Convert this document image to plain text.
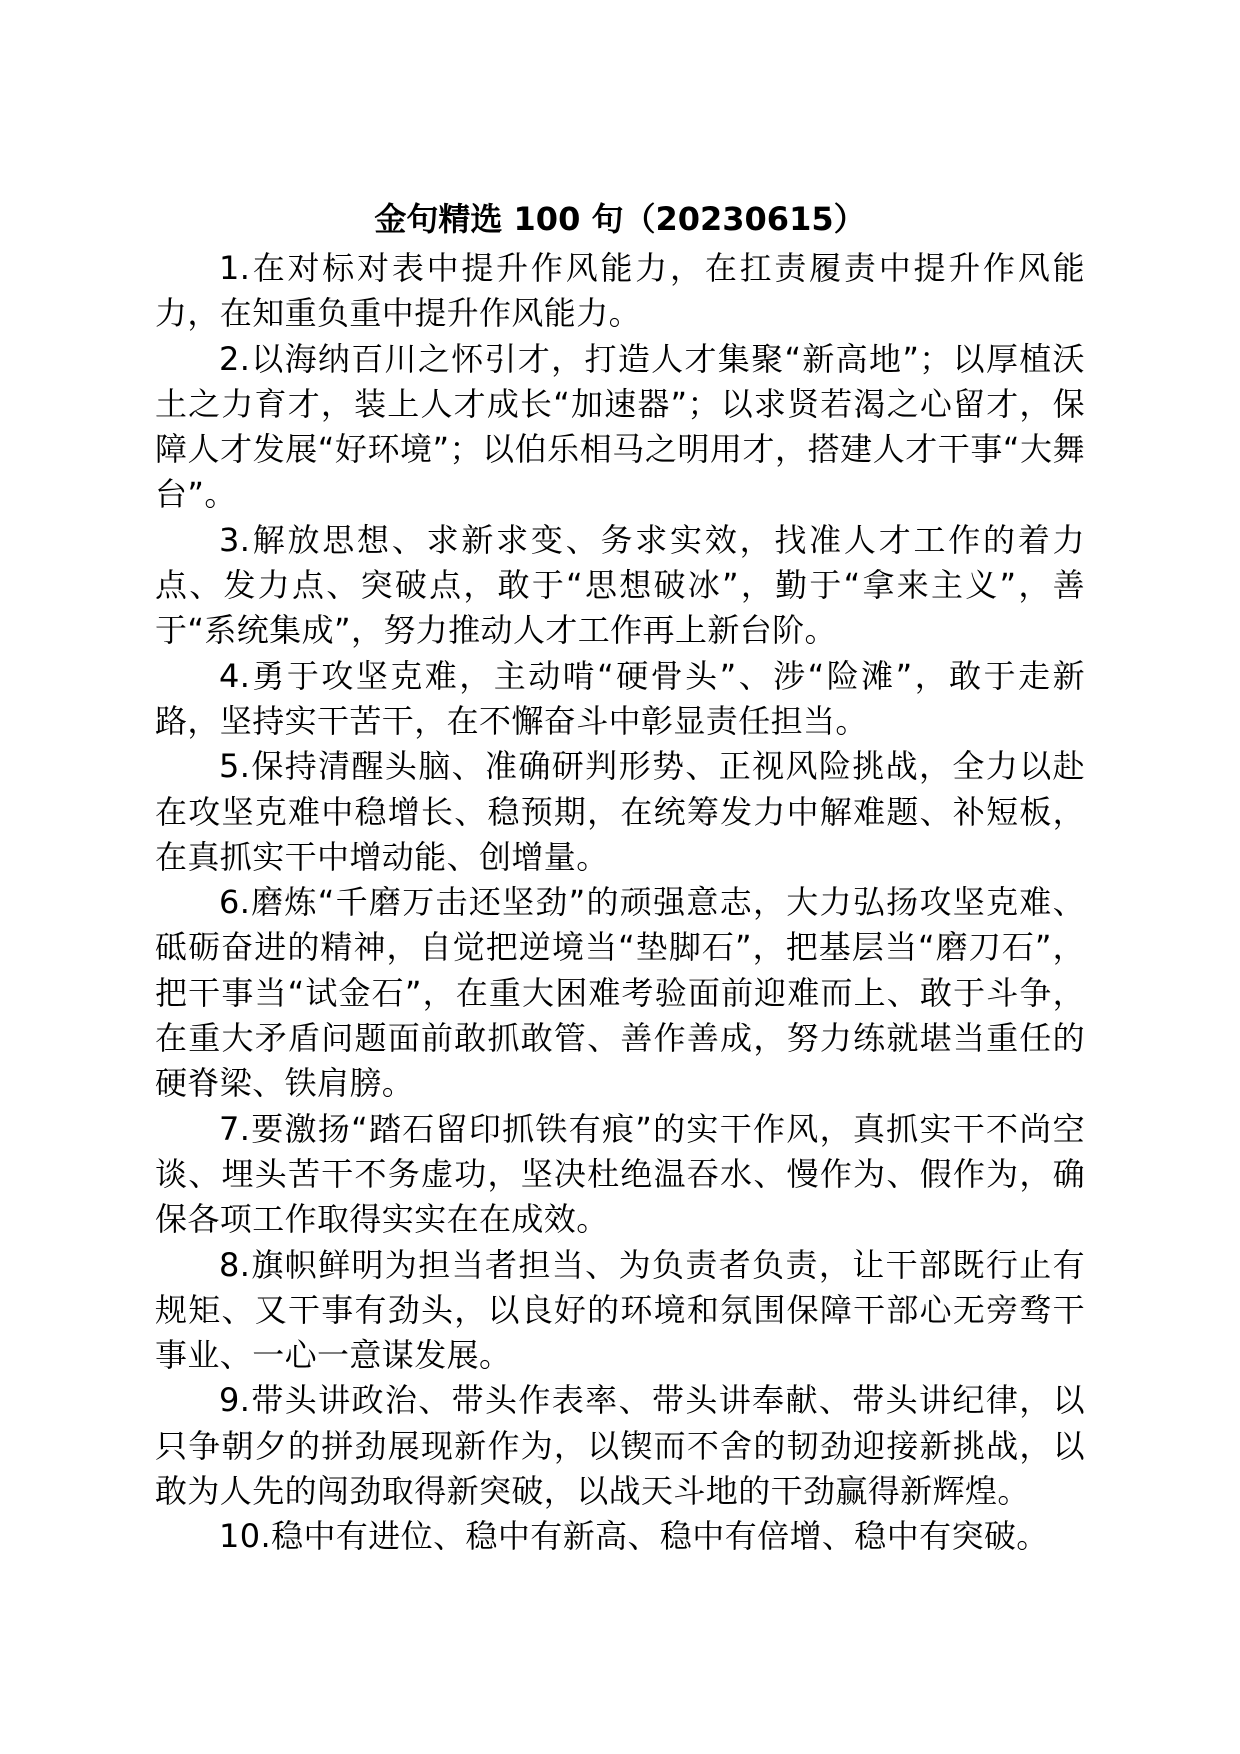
金句精选 100 句（20230615）

1.在对标对表中提升作风能力，在扛责履责中提升作风能力，在知重负重中提升作风能力。

2.以海纳百川之怀引才，打造人才集聚“新高地”；以厚植沃土之力育才，装上人才成长“加速器”；以求贤若渴之心留才，保障人才发展“好环境”；以伯乐相马之明用才，搭建人才干事“大舞台”。

3.解放思想、求新求变、务求实效，找准人才工作的着力点、发力点、突破点，敢于“思想破冰”，勤于“拿来主义”，善于“系统集成”，努力推动人才工作再上新台阶。

4.勇于攻坚克难，主动啃“硬骨头”、涉“险滩”，敢于走新路，坚持实干苦干，在不懈奋斗中彰显责任担当。

5.保持清醒头脑、准确研判形势、正视风险挑战，全力以赴在攻坚克难中稳增长、稳预期，在统筹发力中解难题、补短板，在真抓实干中增动能、创增量。

6.磨炼“千磨万击还坚劲”的顽强意志，大力弘扬攻坚克难、砥砺奋进的精神，自觉把逆境当“垫脚石”，把基层当“磨刀石”，把干事当“试金石”，在重大困难考验面前迎难而上、敢于斗争，在重大矛盾问题面前敢抓敢管、善作善成，努力练就堪当重任的硬脊梁、铁肩膀。

7.要激扬“踏石留印抓铁有痕”的实干作风，真抓实干不尚空谈、埋头苦干不务虚功，坚决杜绝温吞水、慢作为、假作为，确保各项工作取得实实在在成效。

8.旗帜鲜明为担当者担当、为负责者负责，让干部既行止有规矩、又干事有劲头，以良好的环境和氛围保障干部心无旁骛干事业、一心一意谋发展。

9.带头讲政治、带头作表率、带头讲奉献、带头讲纪律，以只争朝夕的拼劲展现新作为，以锲而不舍的韧劲迎接新挑战，以敢为人先的闯劲取得新突破，以战天斗地的干劲赢得新辉煌。

10.稳中有进位、稳中有新高、稳中有倍增、稳中有突破。
